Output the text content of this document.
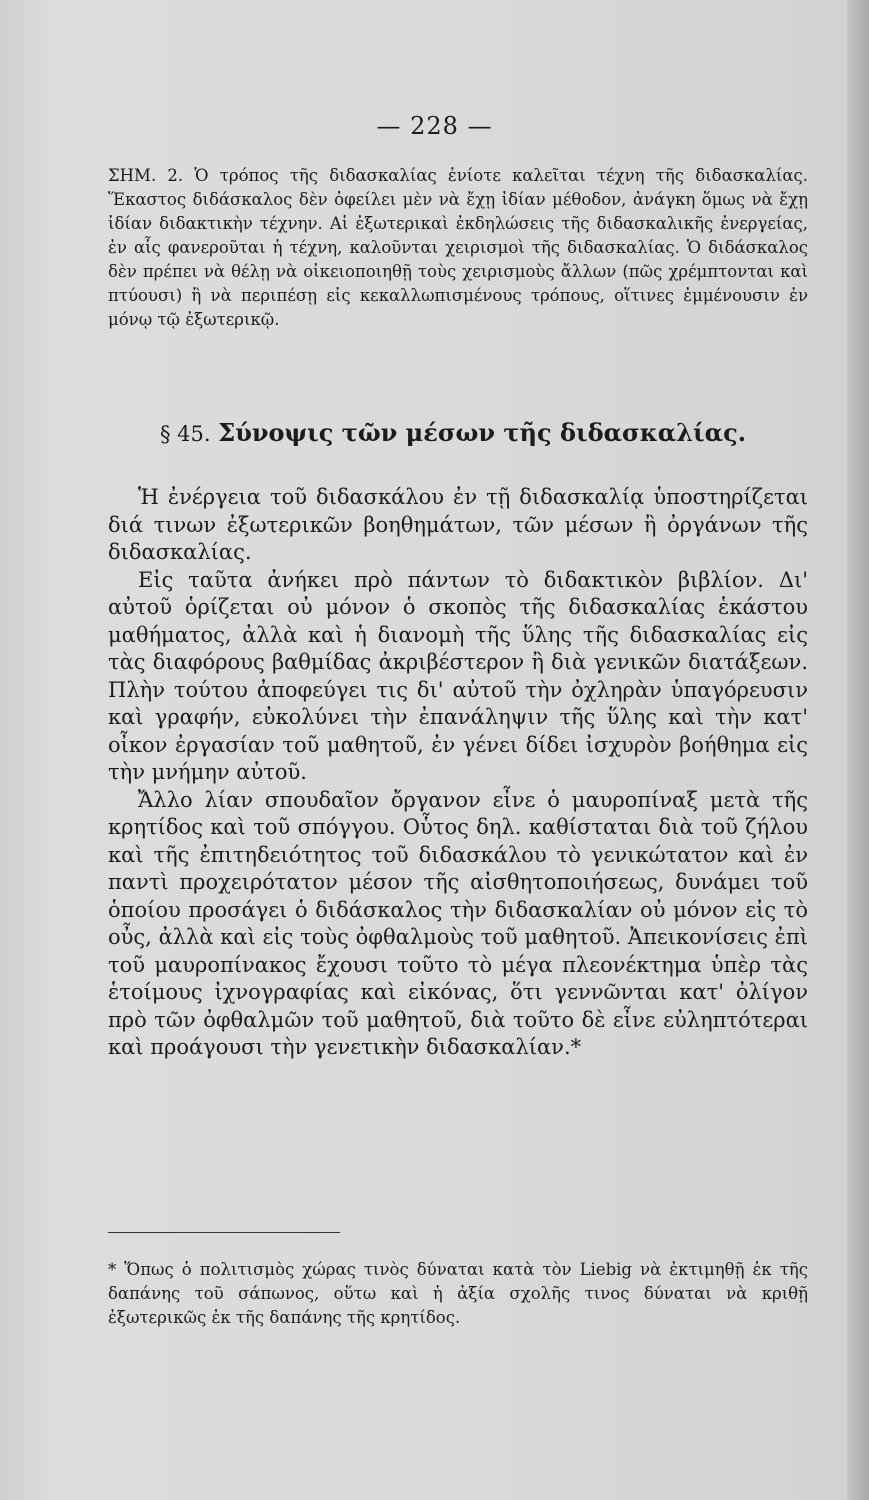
— 228 —
ΣΗΜ. 2. Ὁ τρόπος τῆς διδασκαλίας ἐνίοτε καλεῖται τέχνη τῆς διδασκαλίας. Ἕκαστος διδάσκαλος δὲν ὀφείλει μὲν νὰ ἔχῃ ἰδίαν μέθοδον, ἀνάγκη ὅμως νὰ ἔχῃ ἰδίαν διδακτικὴν τέχνην. Αἱ ἐξωτερικαὶ ἐκδηλώσεις τῆς διδασκαλικῆς ἐνεργείας, ἐν αἷς φανεροῦται ἡ τέχνη, καλοῦνται χειρισμοὶ τῆς διδασκαλίας. Ὁ διδάσκαλος δὲν πρέπει νὰ θέλῃ νὰ οἰκειοποιηθῇ τοὺς χειρισμοὺς ἄλλων (πῶς χρέμπτονται καὶ πτύουσι) ἢ νὰ περιπέσῃ εἰς κεκαλλωπισμένους τρόπους, οἵτινες ἐμμένουσιν ἐν μόνῳ τῷ ἐξωτερικῷ.
§ 45. Σύνοψις τῶν μέσων τῆς διδασκαλίας.

Ἡ ἐνέργεια τοῦ διδασκάλου ἐν τῇ διδασκαλίᾳ ὑποστηρίζεται διά τινων ἐξωτερικῶν βοηθημάτων, τῶν μέσων ἢ ὀργάνων τῆς διδασκαλίας.

Εἰς ταῦτα ἀνήκει πρὸ πάντων τὸ διδακτικὸν βιβλίον. Δι' αὐτοῦ ὁρίζεται οὐ μόνον ὁ σκοπὸς τῆς διδασκαλίας ἑκάστου μαθήματος, ἀλλὰ καὶ ἡ διανομὴ τῆς ὕλης τῆς διδασκαλίας εἰς τὰς διαφόρους βαθμίδας ἀκριβέστερον ἢ διὰ γενικῶν διατάξεων. Πλὴν τούτου ἀποφεύγει τις δι' αὐτοῦ τὴν ὀχληρὰν ὑπαγόρευσιν καὶ γραφήν, εὐκολύνει τὴν ἐπανάληψιν τῆς ὕλης καὶ τὴν κατ' οἶκον ἐργασίαν τοῦ μαθητοῦ, ἐν γένει δίδει ἰσχυρὸν βοήθημα εἰς τὴν μνήμην αὐτοῦ.

Ἄλλο λίαν σπουδαῖον ὄργανον εἶνε ὁ μαυροπίναξ μετὰ τῆς κρητίδος καὶ τοῦ σπόγγου. Οὗτος δηλ. καθίσταται διὰ τοῦ ζήλου καὶ τῆς ἐπιτηδειότητος τοῦ διδασκάλου τὸ γενικώτατον καὶ ἐν παντὶ προχειρότατον μέσον τῆς αἰσθητοποιήσεως, δυνάμει τοῦ ὁποίου προσάγει ὁ διδάσκαλος τὴν διδασκαλίαν οὐ μόνον εἰς τὸ οὖς, ἀλλὰ καὶ εἰς τοὺς ὀφθαλμοὺς τοῦ μαθητοῦ. Ἀπεικονίσεις ἐπὶ τοῦ μαυροπίνακος ἔχουσι τοῦτο τὸ μέγα πλεονέκτημα ὑπὲρ τὰς ἑτοίμους ἰχνογραφίας καὶ εἰκόνας, ὅτι γεννῶνται κατ' ὀλίγον πρὸ τῶν ὀφθαλμῶν τοῦ μαθητοῦ, διὰ τοῦτο δὲ εἶνε εὐληπτότεραι καὶ προάγουσι τὴν γενετικὴν διδασκαλίαν.*

* Ὅπως ὁ πολιτισμὸς χώρας τινὸς δύναται κατὰ τὸν Liebig νὰ ἐκτιμηθῇ ἐκ τῆς δαπάνης τοῦ σάπωνος, οὕτω καὶ ἡ ἀξία σχολῆς τινος δύναται νὰ κριθῇ ἐξωτερικῶς ἐκ τῆς δαπάνης τῆς κρητίδος.
